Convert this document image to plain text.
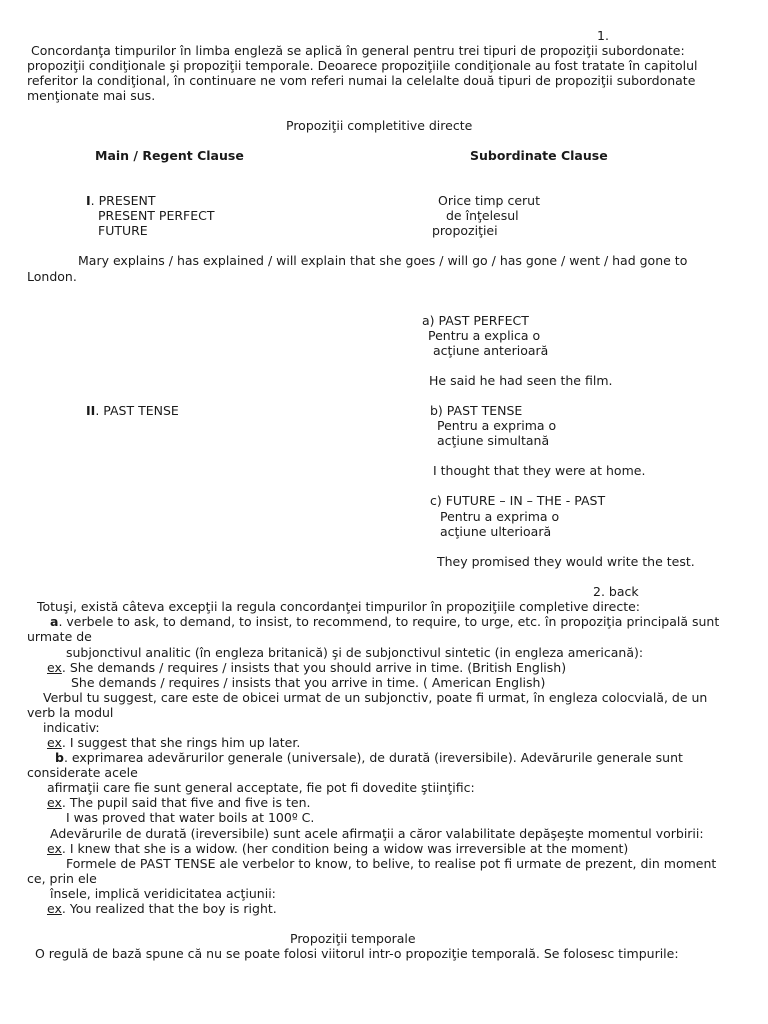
1.
Concordanţa timpurilor în limba engleză se aplică în general pentru trei tipuri de propoziţii subordonate:
propoziţii condiţionale şi propoziţii temporale. Deoarece propoziţiile condiţionale au fost tratate în capitolul
referitor la condiţional, în continuare ne vom referi numai la celelalte două tipuri de propoziţii subordonate
menţionate mai sus.
Propoziţii completitive directe
Main / Regent Clause	Subordinate Clause
I. PRESENT
PRESENT PERFECT
FUTURE
Orice timp cerut
de înţelesul
propoziţiei
Mary explains / has explained / will explain that she goes / will go / has gone / went / had gone to
London.
a) PAST PERFECT
Pentru a explica o
acţiune anterioară
He said he had seen the film.
II. PAST TENSE	b) PAST TENSE
Pentru a exprima o
acţiune simultană
I thought that they were at home.
c) FUTURE – IN – THE - PAST
Pentru a exprima o
acţiune ulterioară
They promised they would write the test.
2. back
Totuşi, există câteva excepţii la regula concordanţei timpurilor în propoziţiile completive directe:
a. verbele to ask, to demand, to insist, to recommend, to require, to urge, etc. în propoziţia principală sunt
urmate de
subjonctivul analitic (în engleza britanică) şi de subjonctivul sintetic (in engleza americană):
ex. She demands / requires / insists that you should arrive in time. (British English)
She demands / requires / insists that you arrive in time. ( American English)
Verbul tu suggest, care este de obicei urmat de un subjonctiv, poate fi urmat, în engleza colocvială, de un
verb la modul
indicativ:
ex. I suggest that she rings him up later.
b. exprimarea adevărurilor generale (universale), de durată (ireversibile). Adevărurile generale sunt
considerate acele
afirmaţii care fie sunt general acceptate, fie pot fi dovedite ştiinţific:
ex. The pupil said that five and five is ten.
I was proved that water boils at 100º C.
Adevărurile de durată (ireversibile) sunt acele afirmaţii a căror valabilitate depăşeşte momentul vorbirii:
ex. I knew that she is a widow. (her condition being a widow was irreversible at the moment)
Formele de PAST TENSE ale verbelor to know, to belive, to realise pot fi urmate de prezent, din moment
ce, prin ele
însele, implică veridicitatea acţiunii:
ex. You realized that the boy is right.
Propoziţii temporale
O regulă de bază spune că nu se poate folosi viitorul intr-o propoziţie temporală. Se folosesc timpurile:
